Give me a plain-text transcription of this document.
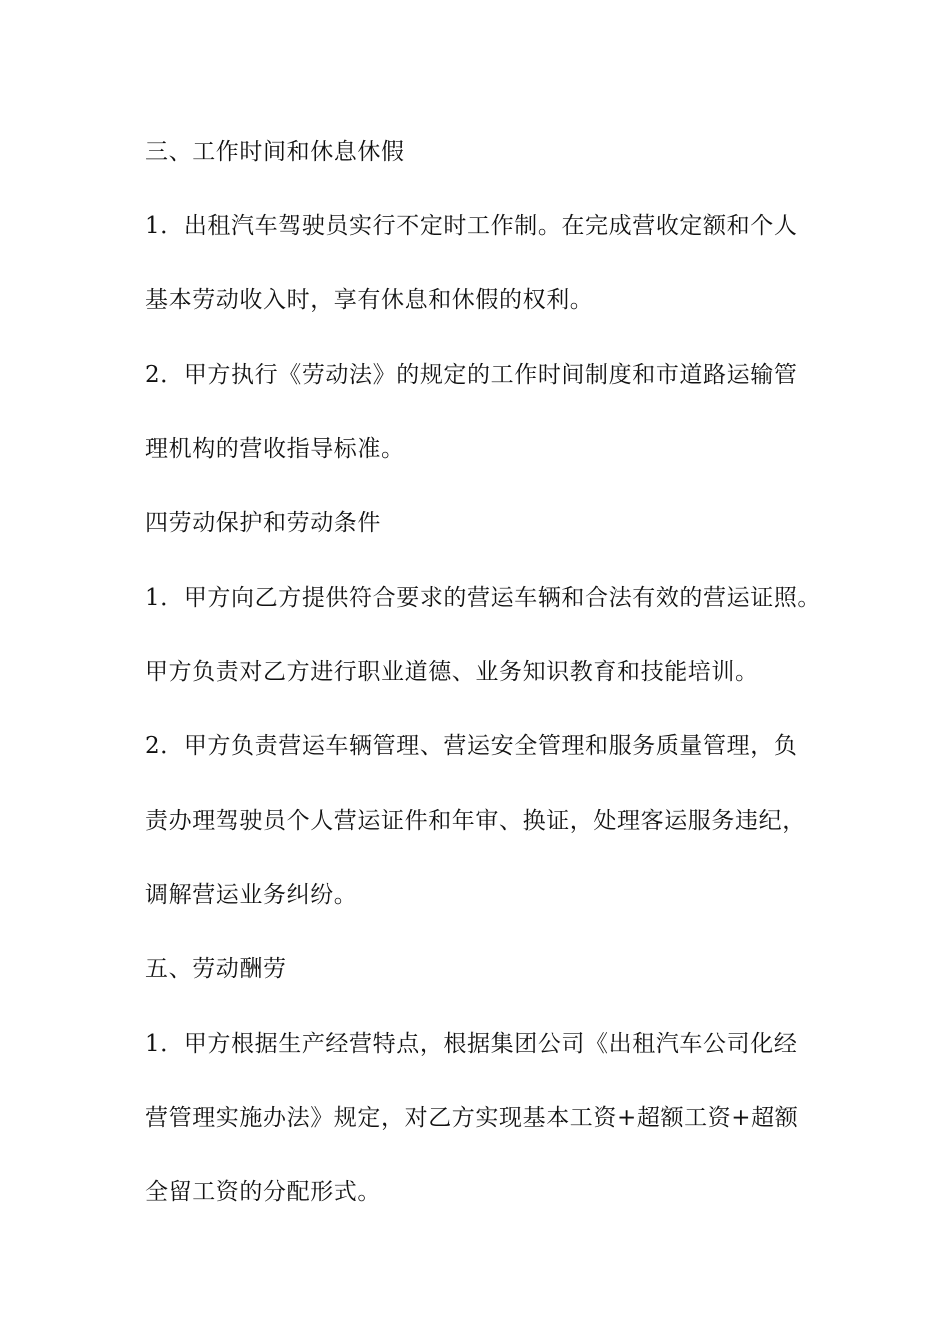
三、工作时间和休息休假
1．出租汽车驾驶员实行不定时工作制。在完成营收定额和个人
基本劳动收入时，享有休息和休假的权利。
2．甲方执行《劳动法》的规定的工作时间制度和市道路运输管
理机构的营收指导标准。
四劳动保护和劳动条件
1．甲方向乙方提供符合要求的营运车辆和合法有效的营运证照。
甲方负责对乙方进行职业道德、业务知识教育和技能培训。
2．甲方负责营运车辆管理、营运安全管理和服务质量管理，负
责办理驾驶员个人营运证件和年审、换证，处理客运服务违纪，
调解营运业务纠纷。
五、劳动酬劳
1．甲方根据生产经营特点，根据集团公司《出租汽车公司化经
营管理实施办法》规定，对乙方实现基本工资+超额工资+超额
全留工资的分配形式。
